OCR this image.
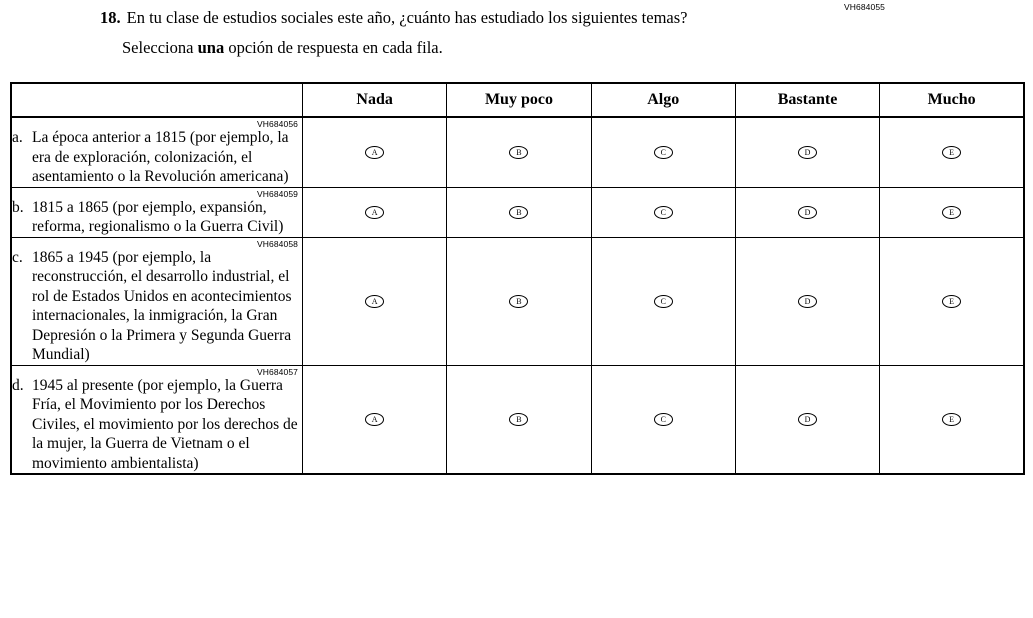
VH684055
18. En tu clase de estudios sociales este año, ¿cuánto has estudiado los siguientes temas?
Selecciona una opción de respuesta en cada fila.
	Nada	Muy poco	Algo	Bastante	Mucho

VH684056
a. La época anterior a 1815 (por ejemplo, la era de exploración, colonización, el asentamiento o la Revolución americana)	A	B	C	D	E

VH684059
b. 1815 a 1865 (por ejemplo, expansión, reforma, regionalismo o la Guerra Civil)	A	B	C	D	E

VH684058
c. 1865 a 1945 (por ejemplo, la reconstrucción, el desarrollo industrial, el rol de Estados Unidos en acontecimientos internacionales, la inmigración, la Gran Depresión o la Primera y Segunda Guerra Mundial)	A	B	C	D	E

VH684057
d. 1945 al presente (por ejemplo, la Guerra Fría, el Movimiento por los Derechos Civiles, el movimiento por los derechos de la mujer, la Guerra de Vietnam o el movimiento ambientalista)	A	B	C	D	E
